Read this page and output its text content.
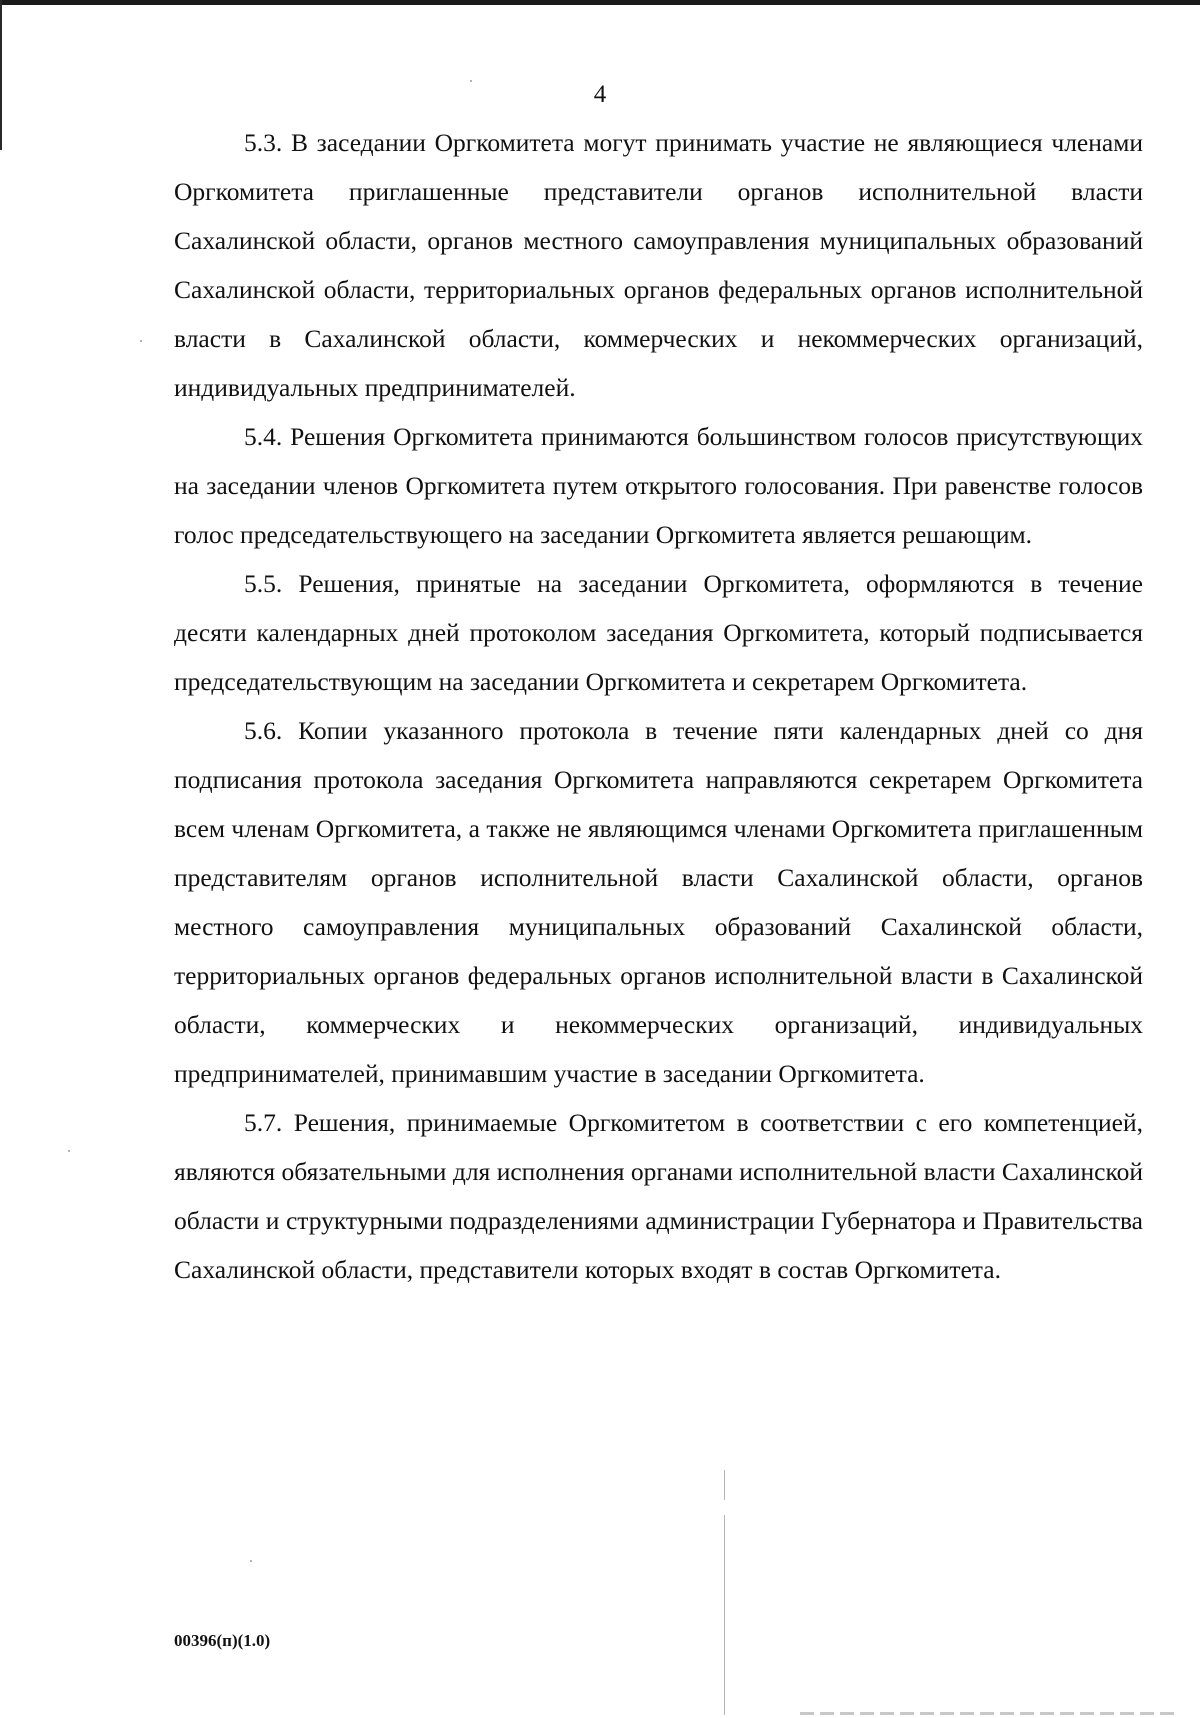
4

5.3. В заседании Оргкомитета могут принимать участие не являющиеся членами Оргкомитета приглашенные представители органов исполнительной власти Сахалинской области, органов местного самоуправления муниципальных образований Сахалинской области, территориальных органов федеральных органов исполнительной власти в Сахалинской области, коммерческих и некоммерческих организаций, индивидуальных предпринимателей.

5.4. Решения Оргкомитета принимаются большинством голосов присутствующих на заседании членов Оргкомитета путем открытого голосования. При равенстве голосов голос председательствующего на заседании Оргкомитета является решающим.

5.5. Решения, принятые на заседании Оргкомитета, оформляются в течение десяти календарных дней протоколом заседания Оргкомитета, который подписывается председательствующим на заседании Оргкомитета и секретарем Оргкомитета.

5.6. Копии указанного протокола в течение пяти календарных дней со дня подписания протокола заседания Оргкомитета направляются секретарем Оргкомитета всем членам Оргкомитета, а также не являющимся членами Оргкомитета приглашенным представителям органов исполнительной власти Сахалинской области, органов местного самоуправления муниципальных образований Сахалинской области, территориальных органов федеральных органов исполнительной власти в Сахалинской области, коммерческих и некоммерческих организаций, индивидуальных предпринимателей, принимавшим участие в заседании Оргкомитета.

5.7. Решения, принимаемые Оргкомитетом в соответствии с его компетенцией, являются обязательными для исполнения органами исполнительной власти Сахалинской области и структурными подразделениями администрации Губернатора и Правительства Сахалинской области, представители которых входят в состав Оргкомитета.

00396(п)(1.0)
